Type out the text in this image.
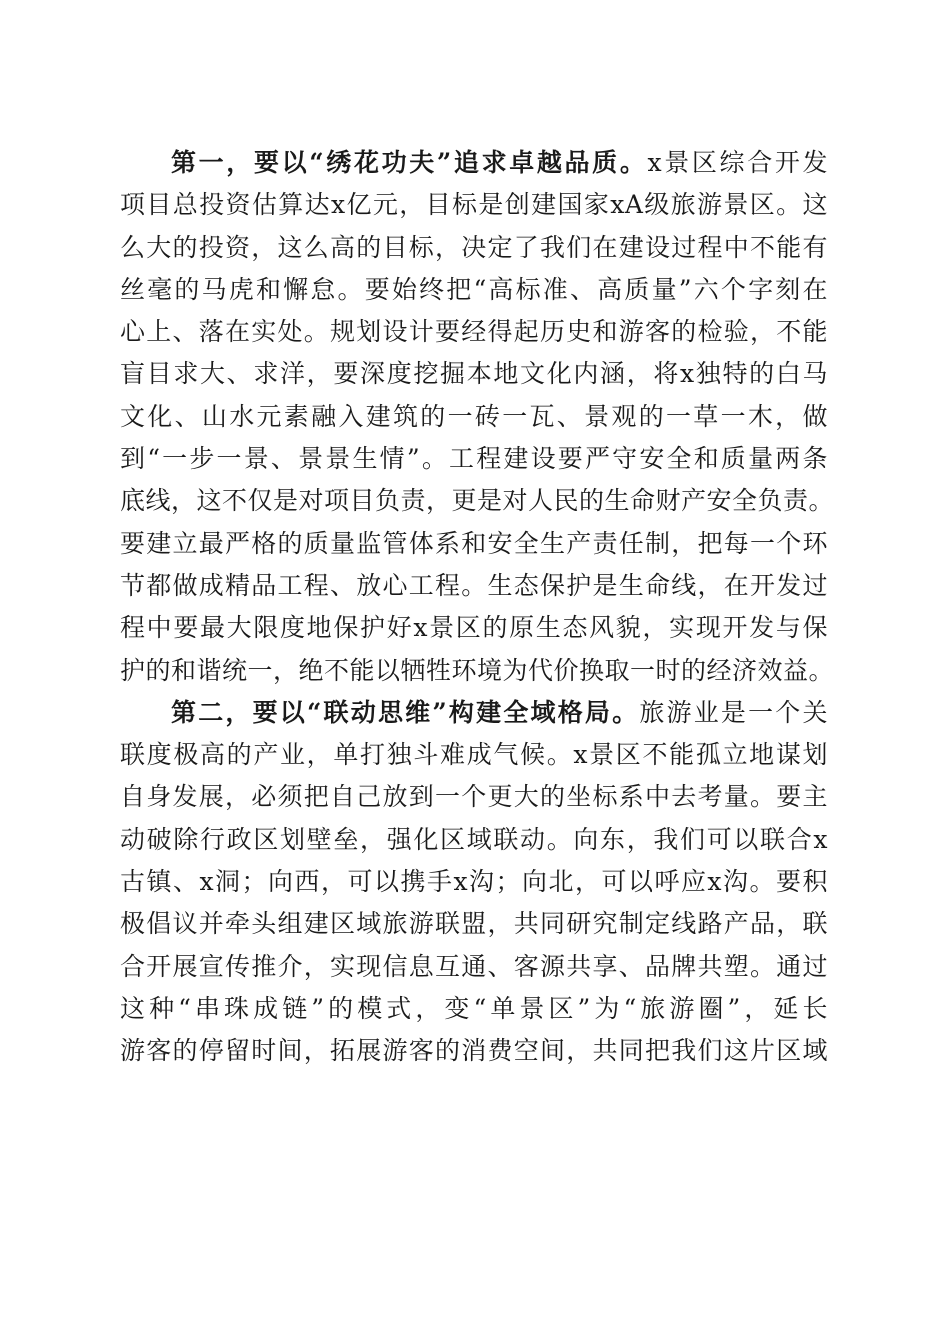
第一，要以“绣花功夫”追求卓越品质。x景区综合开发
项目总投资估算达x亿元，目标是创建国家xA级旅游景区。这
么大的投资，这么高的目标，决定了我们在建设过程中不能有
丝毫的马虎和懈怠。要始终把“高标准、高质量”六个字刻在
心上、落在实处。规划设计要经得起历史和游客的检验，不能
盲目求大、求洋，要深度挖掘本地文化内涵，将x独特的白马
文化、山水元素融入建筑的一砖一瓦、景观的一草一木，做
到“一步一景、景景生情”。工程建设要严守安全和质量两条
底线，这不仅是对项目负责，更是对人民的生命财产安全负责。
要建立最严格的质量监管体系和安全生产责任制，把每一个环
节都做成精品工程、放心工程。生态保护是生命线，在开发过
程中要最大限度地保护好x景区的原生态风貌，实现开发与保
护的和谐统一，绝不能以牺牲环境为代价换取一时的经济效益。
第二，要以“联动思维”构建全域格局。旅游业是一个关
联度极高的产业，单打独斗难成气候。x景区不能孤立地谋划
自身发展，必须把自己放到一个更大的坐标系中去考量。要主
动破除行政区划壁垒，强化区域联动。向东，我们可以联合x
古镇、x洞；向西，可以携手x沟；向北，可以呼应x沟。要积
极倡议并牵头组建区域旅游联盟，共同研究制定线路产品，联
合开展宣传推介，实现信息互通、客源共享、品牌共塑。通过
这种“串珠成链”的模式，变“单景区”为“旅游圈”，延长
游客的停留时间，拓展游客的消费空间，共同把我们这片区域
